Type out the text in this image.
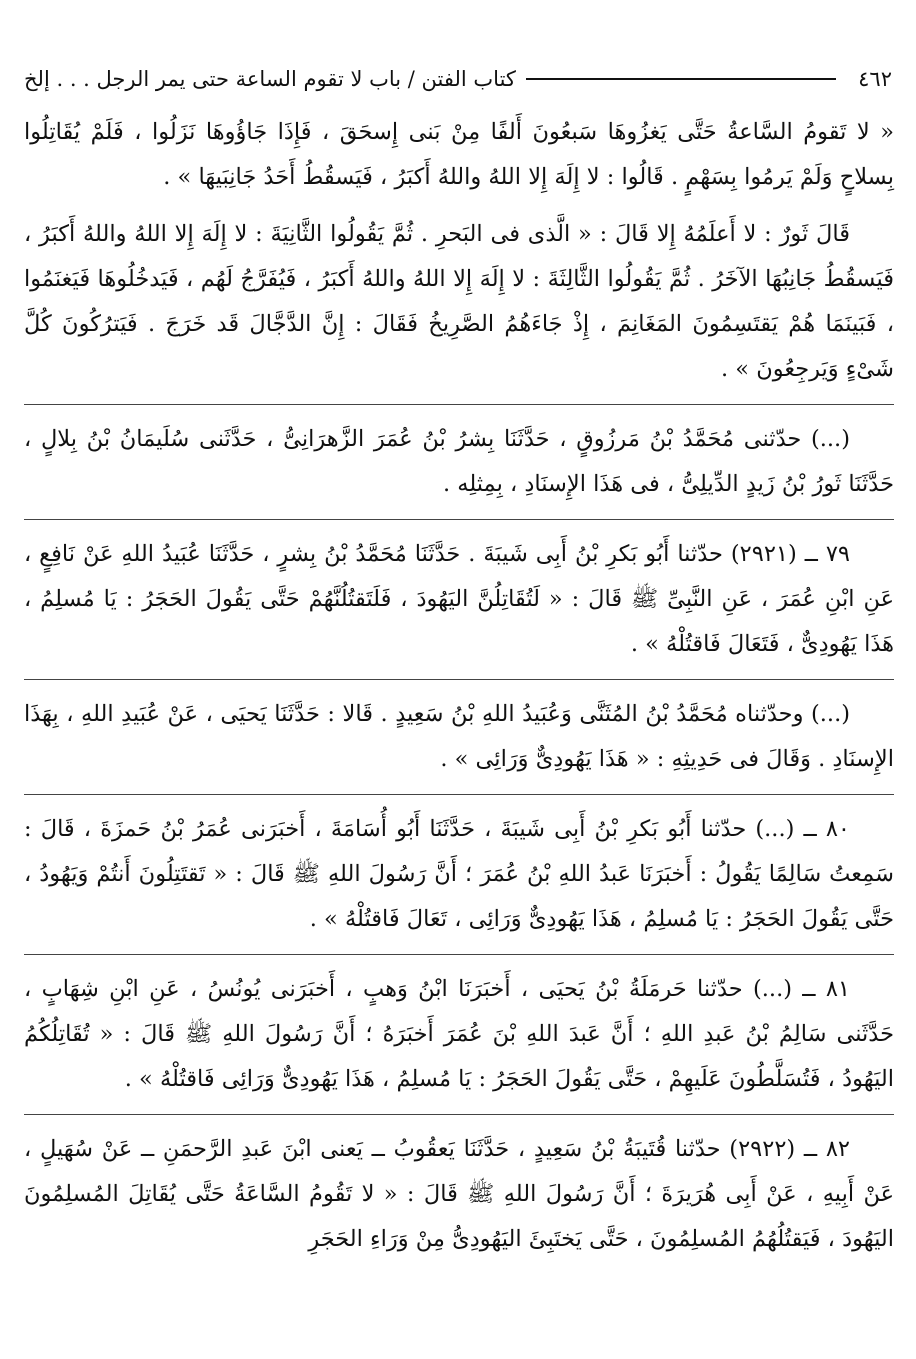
٤٦٢
كتاب الفتن / باب لا تقوم الساعة حتى يمر الرجل . . . إلخ

« لا تَقومُ السَّاعةُ حَتَّى يَغزُوهَا سَبعُونَ أَلفًا مِنْ بَنى إِسحَقَ ، فَإِذَا جَاؤُوهَا نَزَلُوا ، فَلَمْ يُقَاتِلُوا بِسلاحٍ وَلَمْ يَرمُوا بِسَهْمٍ . قَالُوا : لا إِلَهَ إِلا اللهُ واللهُ أَكبَرُ ، فَيَسقُطُ أَحَدُ جَانِبَيهَا » .

قَالَ ثَورٌ : لا أَعلَمُهُ إِلا قَالَ : « الَّذى فى البَحرِ . ثُمَّ يَقُولُوا الثَّانِيَةَ : لا إِلَهَ إِلا اللهُ واللهُ أَكبَرُ ، فَيَسقُطُ جَانِبُهَا الآخَرُ . ثُمَّ يَقُولُوا الثَّالِثَةَ : لا إِلَهَ إِلا اللهُ واللهُ أَكبَرُ ، فَيُفَرَّجُ لَهُم ، فَيَدخُلُوهَا فَيَغنَمُوا ، فَبَينَمَا هُمْ يَقتَسِمُونَ المَغَانِمَ ، إِذْ جَاءَهُمُ الصَّرِيخُ فَقَالَ : إِنَّ الدَّجَّالَ قَد خَرَجَ . فَيَترُكُونَ كُلَّ شَىْءٍ وَيَرجِعُونَ » .

(...) حدّثنى مُحَمَّدُ بْنُ مَرزُوقٍ ، حَدَّثَنَا بِشرُ بْنُ عُمَرَ الزَّهرَانِىُّ ، حَدَّثَنى سُلَيمَانُ بْنُ بِلالٍ ، حَدَّثَنَا ثَورُ بْنُ زَيدٍ الدِّيلِىُّ ، فى هَذَا الإِسنَادِ ، بِمِثلِه .

٧٩ ــ (٢٩٢١) حدّثنا أَبُو بَكرِ بْنُ أَبِى شَيبَةَ . حَدَّثَنَا مُحَمَّدُ بْنُ بِشرٍ ، حَدَّثَنَا عُبَيدُ اللهِ عَنْ نَافِعٍ ، عَنِ ابْنِ عُمَرَ ، عَنِ النَّبِىِّ ﷺ قَالَ : « لَتُقَاتِلُنَّ اليَهُودَ ، فَلَتَقتُلُنَّهُمْ حَتَّى يَقُولَ الحَجَرُ : يَا مُسلِمُ ، هَذَا يَهُودِىٌّ ، فَتَعَالَ فَاقتُلْهُ » .

(...) وحدّثناه مُحَمَّدُ بْنُ المُثَنَّى وَعُبَيدُ اللهِ بْنُ سَعِيدٍ . قَالا : حَدَّثَنَا يَحيَى ، عَنْ عُبَيدِ اللهِ ، بِهَذَا الإِسنَادِ . وَقَالَ فى حَدِيثِهِ : « هَذَا يَهُودِىٌّ وَرَائِى » .

٨٠ ــ (...) حدّثنا أَبُو بَكرِ بْنُ أَبِى شَيبَةَ ، حَدَّثَنَا أَبُو أُسَامَةَ ، أَخبَرَنى عُمَرُ بْنُ حَمزَةَ ، قَالَ : سَمِعتُ سَالِمًا يَقُولُ : أَخبَرَنَا عَبدُ اللهِ بْنُ عُمَرَ ؛ أَنَّ رَسُولَ اللهِ ﷺ قَالَ : « تَقتَتِلُونَ أَنتُمْ وَيَهُودُ ، حَتَّى يَقُولَ الحَجَرُ : يَا مُسلِمُ ، هَذَا يَهُودِىٌّ وَرَائِى ، تَعَالَ فَاقتُلْهُ » .

٨١ ــ (...) حدّثنا حَرمَلَةُ بْنُ يَحيَى ، أَخبَرَنَا ابْنُ وَهبٍ ، أَخبَرَنى يُونُسُ ، عَنِ ابْنِ شِهَابٍ ، حَدَّثَنى سَالِمُ بْنُ عَبدِ اللهِ ؛ أَنَّ عَبدَ اللهِ بْنَ عُمَرَ أَخبَرَهُ ؛ أَنَّ رَسُولَ اللهِ ﷺ قَالَ : « تُقَاتِلُكُمُ اليَهُودُ ، فَتُسَلَّطُونَ عَلَيهِمْ ، حَتَّى يَقُولَ الحَجَرُ : يَا مُسلِمُ ، هَذَا يَهُودِىٌّ وَرَائِى فَاقتُلْهُ » .

٨٢ ــ (٢٩٢٢) حدّثنا قُتَيبَةُ بْنُ سَعِيدٍ ، حَدَّثَنَا يَعقُوبُ ــ يَعنى ابْنَ عَبدِ الرَّحمَنِ ــ عَنْ سُهَيلٍ ، عَنْ أَبِيهِ ، عَنْ أَبِى هُرَيرَةَ ؛ أَنَّ رَسُولَ اللهِ ﷺ قَالَ : « لا تَقُومُ السَّاعَةُ حَتَّى يُقَاتِلَ المُسلِمُونَ اليَهُودَ ، فَيَقتُلُهُمُ المُسلِمُونَ ، حَتَّى يَختَبِئَ اليَهُودِىُّ مِنْ وَرَاءِ الحَجَرِ
